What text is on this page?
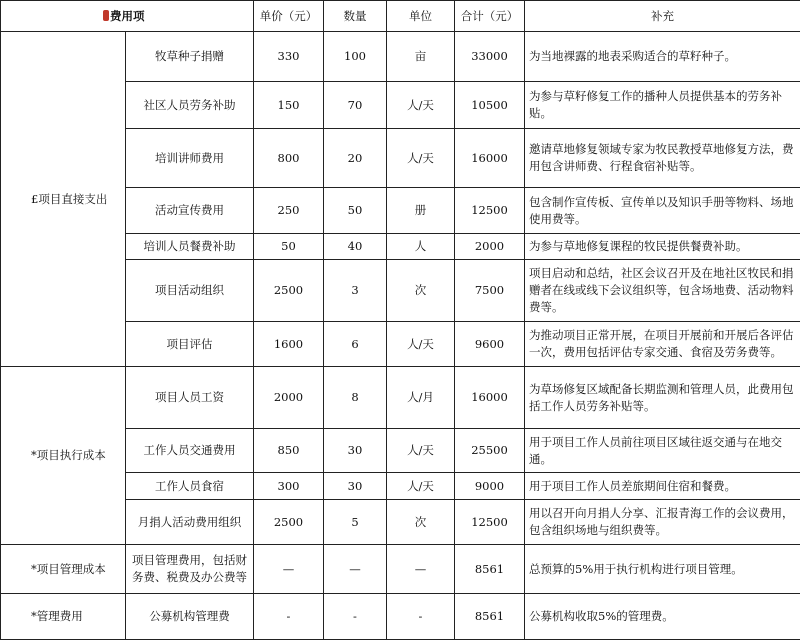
费用项		单价（元）	数量	单位	合计（元）	补充
£项目直接支出	牧草种子捐赠	330	100	亩	33000	为当地裸露的地表采购适合的草籽种子。
	社区人员劳务补助	150	70	人/天	10500	为参与草籽修复工作的播种人员提供基本的劳务补贴。
	培训讲师费用	800	20	人/天	16000	邀请草地修复领域专家为牧民教授草地修复方法，费用包含讲师费、行程食宿补贴等。
	活动宣传费用	250	50	册	12500	包含制作宣传板、宣传单以及知识手册等物料、场地使用费等。
	培训人员餐费补助	50	40	人	2000	为参与草地修复课程的牧民提供餐费补助。
	项目活动组织	2500	3	次	7500	项目启动和总结，社区会议召开及在地社区牧民和捐赠者在线或线下会议组织等，包含场地费、活动物料费等。
	项目评估	1600	6	人/天	9600	为推动项目正常开展，在项目开展前和开展后各评估一次，费用包括评估专家交通、食宿及劳务费等。
*项目执行成本	项目人员工资	2000	8	人/月	16000	为草场修复区域配备长期监测和管理人员，此费用包括工作人员劳务补贴等。
	工作人员交通费用	850	30	人/天	25500	用于项目工作人员前往项目区域往返交通与在地交通。
	工作人员食宿	300	30	人/天	9000	用于项目工作人员差旅期间住宿和餐费。
	月捐人活动费用组织	2500	5	次	12500	用以召开向月捐人分享、汇报青海工作的会议费用，包含组织场地与组织费等。
*项目管理成本	项目管理费用，包括财务费、税费及办公费等	—	—	—	8561	总预算的5%用于执行机构进行项目管理。
*管理费用	公募机构管理费	-	-	-	8561	公募机构收取5%的管理费。
